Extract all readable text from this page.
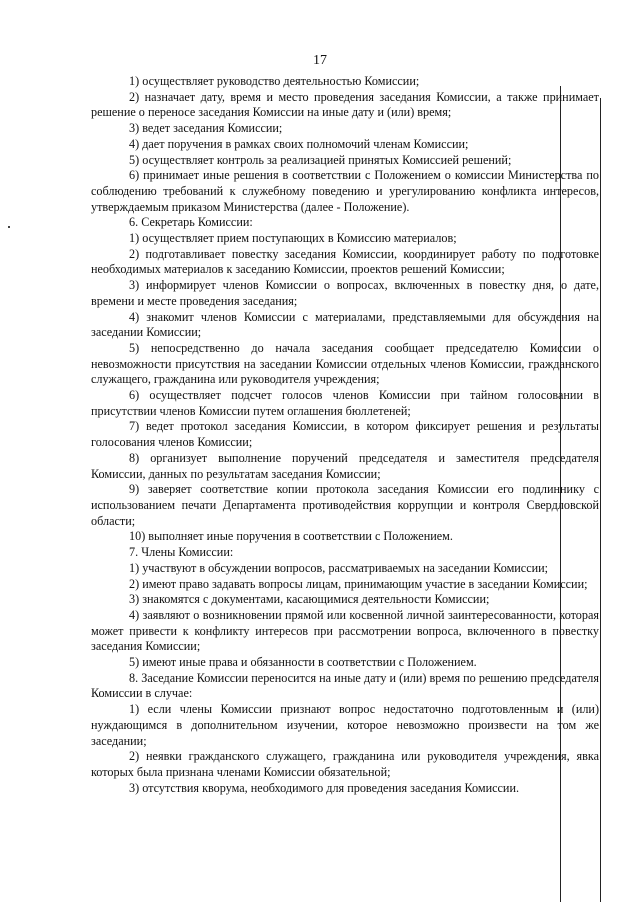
17

1) осуществляет руководство деятельностью Комиссии;

2) назначает дату, время и место проведения заседания Комиссии, а также принимает решение о переносе заседания Комиссии на иные дату и (или) время;

3) ведет заседания Комиссии;

4) дает поручения в рамках своих полномочий членам Комиссии;

5) осуществляет контроль за реализацией принятых Комиссией решений;

6) принимает иные решения в соответствии с Положением о комиссии Министерства по соблюдению требований к служебному поведению и урегулированию конфликта интересов, утверждаемым приказом Министерства (далее - Положение).

6. Секретарь Комиссии:

1) осуществляет прием поступающих в Комиссию материалов;

2) подготавливает повестку заседания Комиссии, координирует работу по подготовке необходимых материалов к заседанию Комиссии, проектов решений Комиссии;

3) информирует членов Комиссии о вопросах, включенных в повестку дня, о дате, времени и месте проведения заседания;

4) знакомит членов Комиссии с материалами, представляемыми для обсуждения на заседании Комиссии;

5) непосредственно до начала заседания сообщает председателю Комиссии о невозможности присутствия на заседании Комиссии отдельных членов Комиссии, гражданского служащего, гражданина или руководителя учреждения;

6) осуществляет подсчет голосов членов Комиссии при тайном голосовании в присутствии членов Комиссии путем оглашения бюллетеней;

7) ведет протокол заседания Комиссии, в котором фиксирует решения и результаты голосования членов Комиссии;

8) организует выполнение поручений председателя и заместителя председателя Комиссии, данных по результатам заседания Комиссии;

9) заверяет соответствие копии протокола заседания Комиссии его подлиннику с использованием печати Департамента противодействия коррупции и контроля Свердловской области;

10) выполняет иные поручения в соответствии с Положением.

7. Члены Комиссии:

1) участвуют в обсуждении вопросов, рассматриваемых на заседании Комиссии;

2) имеют право задавать вопросы лицам, принимающим участие в заседании Комиссии;

3) знакомятся с документами, касающимися деятельности Комиссии;

4) заявляют о возникновении прямой или косвенной личной заинтересованности, которая может привести к конфликту интересов при рассмотрении вопроса, включенного в повестку заседания Комиссии;

5) имеют иные права и обязанности в соответствии с Положением.

8. Заседание Комиссии переносится на иные дату и (или) время по решению председателя Комиссии в случае:

1) если члены Комиссии признают вопрос недостаточно подготовленным и (или) нуждающимся в дополнительном изучении, которое невозможно произвести на том же заседании;

2) неявки гражданского служащего, гражданина или руководителя учреждения, явка которых была признана членами Комиссии обязательной;

3) отсутствия кворума, необходимого для проведения заседания Комиссии.
